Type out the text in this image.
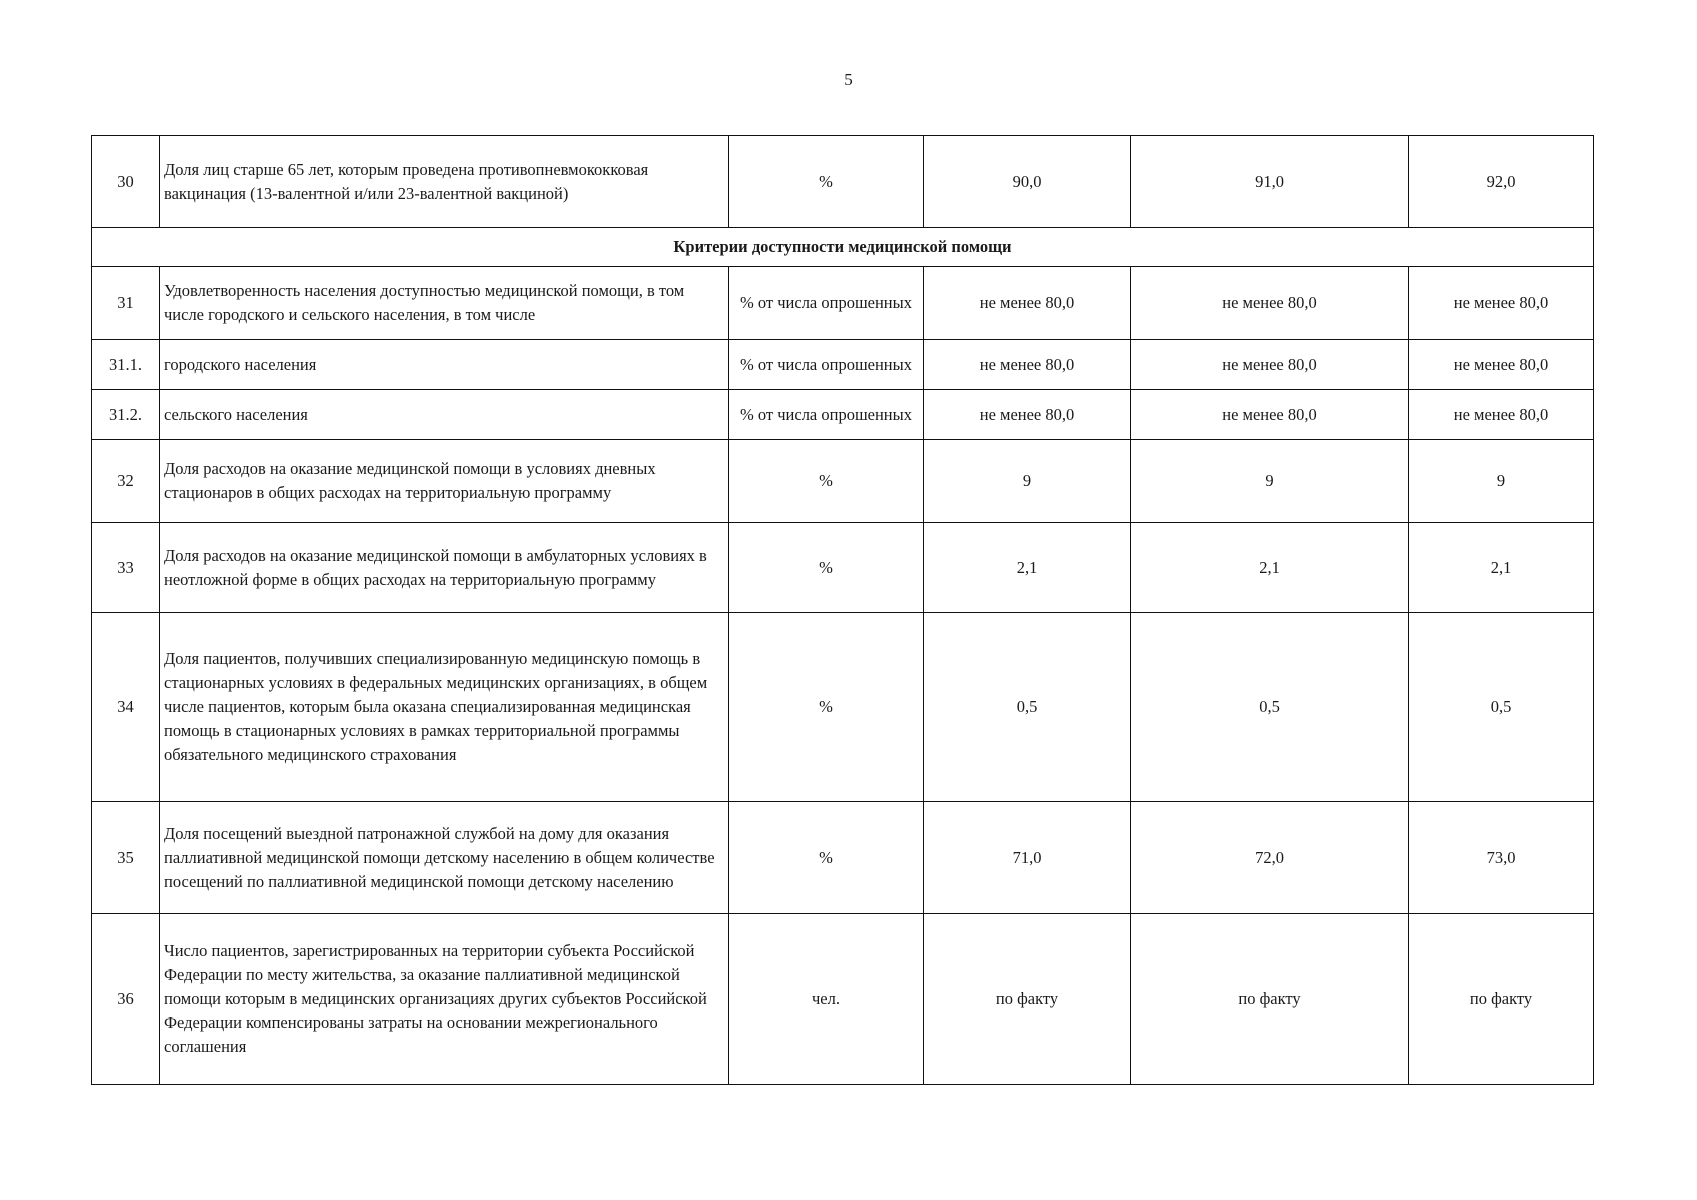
5
30	Доля лиц старше 65 лет, которым проведена противопневмококковая вакцинация (13-валентной и/или 23-валентной вакциной)	%	90,0	91,0	92,0
Критерии доступности медицинской помощи					
31	Удовлетворенность населения доступностью медицинской помощи, в том числе городского и сельского населения, в том числе	% от числа опрошенных	не менее 80,0	не менее 80,0	не менее 80,0
31.1.	городского населения	% от числа опрошенных	не менее 80,0	не менее 80,0	не менее 80,0
31.2.	сельского населения	% от числа опрошенных	не менее 80,0	не менее 80,0	не менее 80,0
32	Доля расходов на оказание медицинской помощи в условиях дневных стационаров в общих расходах на территориальную программу	%	9	9	9
33	Доля расходов на оказание медицинской помощи в амбулаторных условиях в неотложной форме в общих расходах на территориальную программу	%	2,1	2,1	2,1
34	Доля пациентов, получивших специализированную медицинскую помощь в стационарных условиях в федеральных медицинских организациях, в общем числе пациентов, которым была оказана специализированная медицинская помощь в стационарных условиях в рамках территориальной программы обязательного медицинского страхования	%	0,5	0,5	0,5
35	Доля посещений выездной патронажной службой на дому для оказания паллиативной медицинской помощи детскому населению в общем количестве посещений по паллиативной медицинской помощи детскому населению	%	71,0	72,0	73,0
36	Число пациентов, зарегистрированных на территории субъекта Российской Федерации по месту жительства, за оказание паллиативной медицинской помощи которым в медицинских организациях других субъектов Российской Федерации компенсированы затраты на основании межрегионального соглашения	чел.	по факту	по факту	по факту
